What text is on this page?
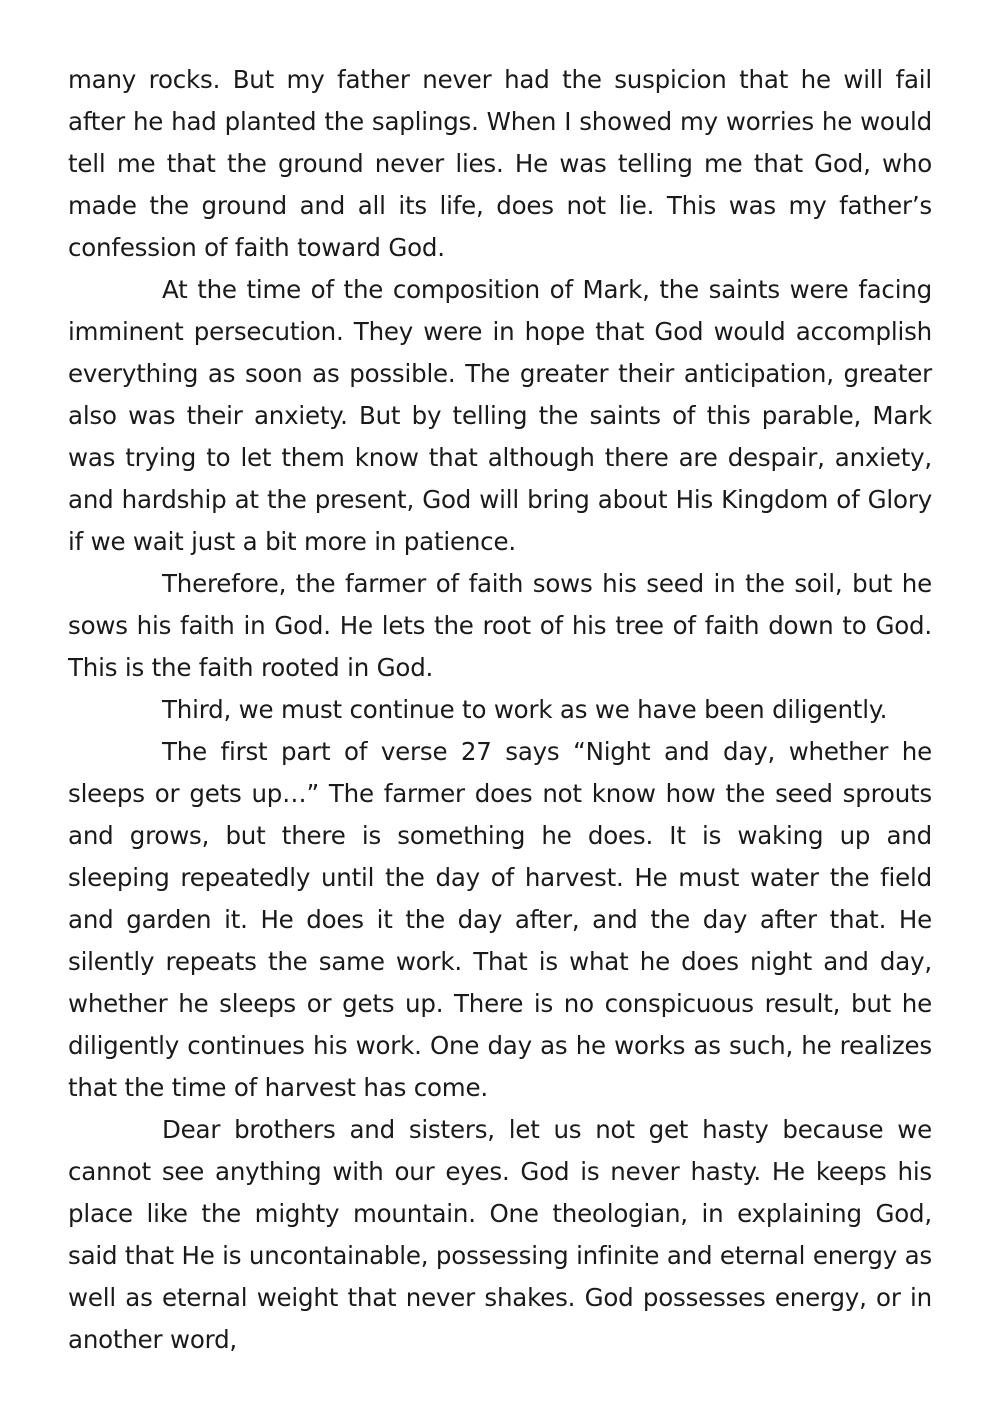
many rocks. But my father never had the suspicion that he will fail after he had planted the saplings. When I showed my worries he would tell me that the ground never lies. He was telling me that God, who made the ground and all its life, does not lie. This was my father’s confession of faith toward God.

At the time of the composition of Mark, the saints were facing imminent persecution. They were in hope that God would accomplish everything as soon as possible. The greater their anticipation, greater also was their anxiety. But by telling the saints of this parable, Mark was trying to let them know that although there are despair, anxiety, and hardship at the present, God will bring about His Kingdom of Glory if we wait just a bit more in patience.

Therefore, the farmer of faith sows his seed in the soil, but he sows his faith in God. He lets the root of his tree of faith down to God. This is the faith rooted in God.

Third, we must continue to work as we have been diligently.

The first part of verse 27 says “Night and day, whether he sleeps or gets up…” The farmer does not know how the seed sprouts and grows, but there is something he does. It is waking up and sleeping repeatedly until the day of harvest. He must water the field and garden it. He does it the day after, and the day after that. He silently repeats the same work. That is what he does night and day, whether he sleeps or gets up. There is no conspicuous result, but he diligently continues his work. One day as he works as such, he realizes that the time of harvest has come.

Dear brothers and sisters, let us not get hasty because we cannot see anything with our eyes. God is never hasty. He keeps his place like the mighty mountain. One theologian, in explaining God, said that He is uncontainable, possessing infinite and eternal energy as well as eternal weight that never shakes. God possesses energy, or in another word,
